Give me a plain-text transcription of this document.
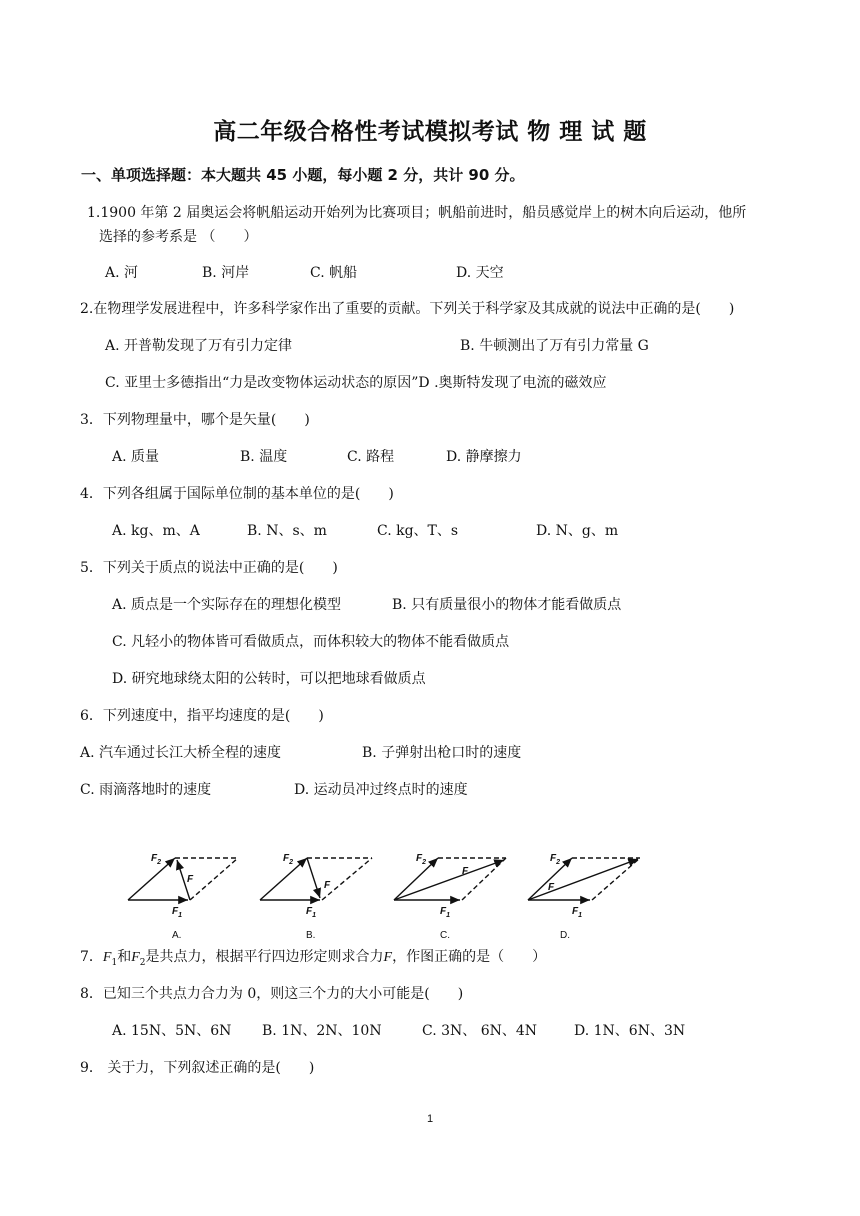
高二年级合格性考试模拟考试 物 理 试 题
一、单项选择题：本大题共 45 小题，每小题 2 分，共计 90 分。
1.1900 年第 2 届奥运会将帆船运动开始列为比赛项目；帆船前进时，船员感觉岸上的树木向后运动，他所
选择的参考系是 （　　）
A. 河	B. 河岸	C. 帆船	D. 天空
2.在物理学发展进程中，许多科学家作出了重要的贡献。下列关于科学家及其成就的说法中正确的是(　　)
A. 开普勒发现了万有引力定律	B. 牛顿测出了万有引力常量 G
C. 亚里士多德指出“力是改变物体运动状态的原因”D .奥斯特发现了电流的磁效应
3．下列物理量中，哪个是矢量(　　)
A. 质量	B. 温度	C. 路程	D. 静摩擦力
4．下列各组属于国际单位制的基本单位的是(　　)
A. kg、m、A	B. N、s、m	C. kg、T、s	D. N、g、m
5．下列关于质点的说法中正确的是(　　)
A. 质点是一个实际存在的理想化模型	B. 只有质量很小的物体才能看做质点
C. 凡轻小的物体皆可看做质点，而体积较大的物体不能看做质点
D. 研究地球绕太阳的公转时，可以把地球看做质点
6．下列速度中，指平均速度的是(　　)
A. 汽车通过长江大桥全程的速度	B. 子弹射出枪口时的速度
C. 雨滴落地时的速度	D. 运动员冲过终点时的速度
$F_2$
F
$F_1$
$F_2$
F
$F_1$
$F_2$
F
$F_1$
$F_2$
F
$F_1$
A.	B.	C.	D.
7．$F_1$和$F_2$是共点力，根据平行四边形定则求合力F，作图正确的是（　　）
8．已知三个共点力合力为 0，则这三个力的大小可能是(　　)
A. 15N、5N、6N B. 1N、2N、10N	C. 3N、 6N、4N	D. 1N、6N、3N
9． 关于力，下列叙述正确的是(　　)
1
